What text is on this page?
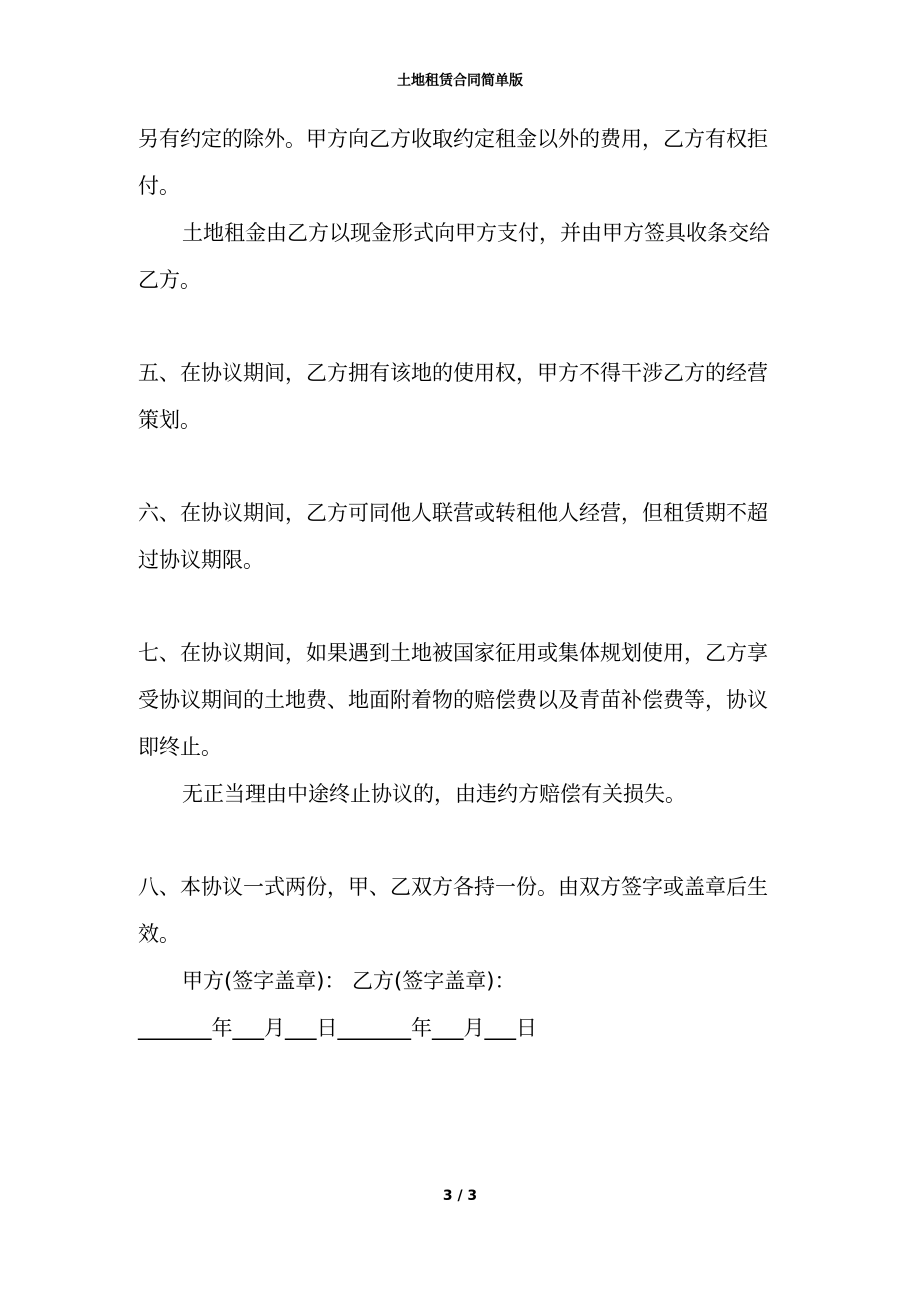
土地租赁合同简单版

另有约定的除外。甲方向乙方收取约定租金以外的费用，乙方有权拒付。

土地租金由乙方以现金形式向甲方支付，并由甲方签具收条交给乙方。

五、在协议期间，乙方拥有该地的使用权，甲方不得干涉乙方的经营策划。

六、在协议期间，乙方可同他人联营或转租他人经营，但租赁期不超过协议期限。

七、在协议期间，如果遇到土地被国家征用或集体规划使用，乙方享受协议期间的土地费、地面附着物的赔偿费以及青苗补偿费等，协议即终止。

无正当理由中途终止协议的，由违约方赔偿有关损失。

八、本协议一式两份，甲、乙双方各持一份。由双方签字或盖章后生效。

甲方(签字盖章)： 乙方(签字盖章)：

_______年___月___日_______年___月___日

3 / 3
